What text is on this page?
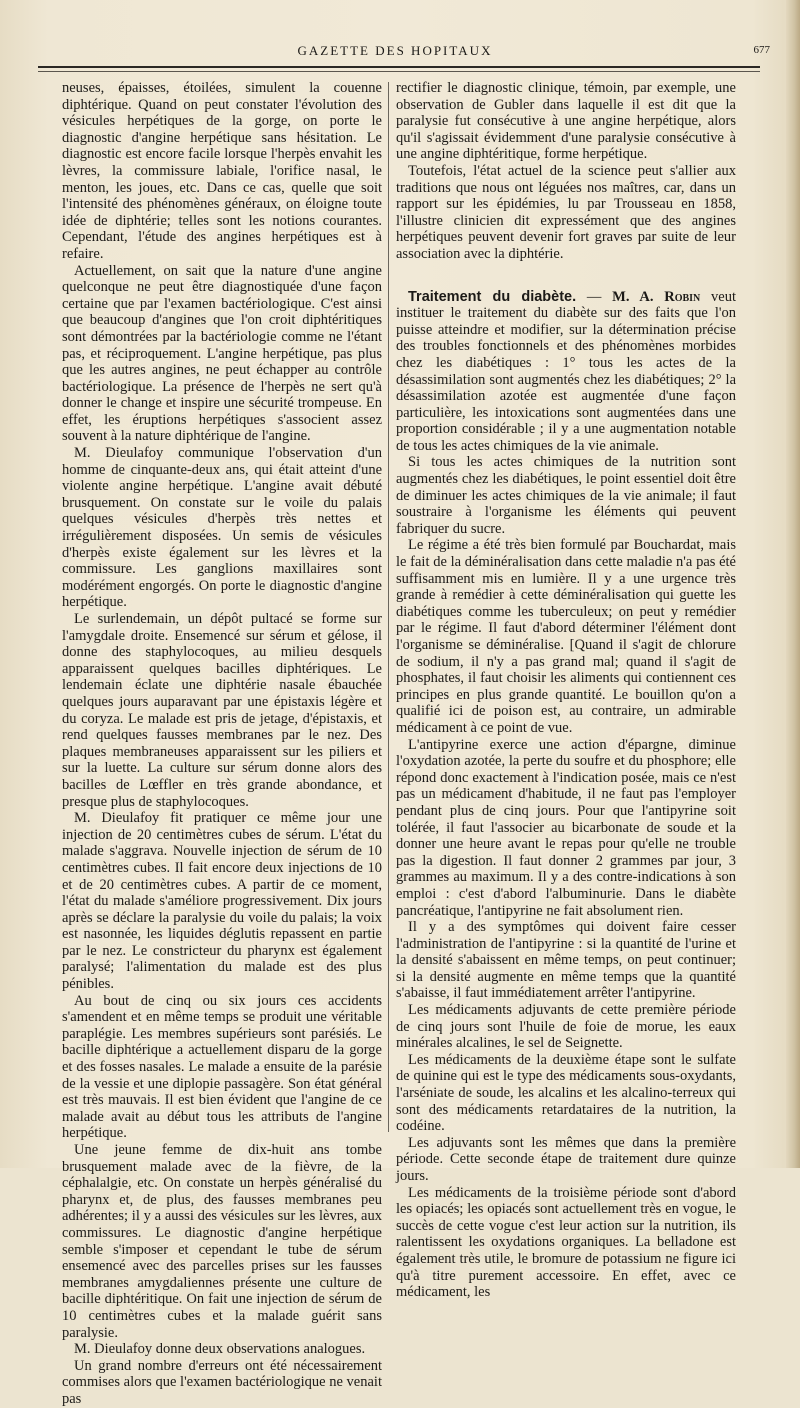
GAZETTE DES HOPITAUX	677

neuses, épaisses, étoilées, simulent la couenne diphtérique. Quand on peut constater l'évolution des vésicules herpétiques de la gorge, on porte le diagnostic d'angine herpétique sans hésitation. Le diagnostic est encore facile lorsque l'herpès envahit les lèvres, la commissure labiale, l'orifice nasal, le menton, les joues, etc. Dans ce cas, quelle que soit l'intensité des phénomènes généraux, on éloigne toute idée de diphtérie; telles sont les notions courantes. Cependant, l'étude des angines herpétiques est à refaire.

Actuellement, on sait que la nature d'une angine quelconque ne peut être diagnostiquée d'une façon certaine que par l'examen bactériologique. C'est ainsi que beaucoup d'angines que l'on croit diphtéritiques sont démontrées par la bactériologie comme ne l'étant pas, et réciproquement. L'angine herpétique, pas plus que les autres angines, ne peut échapper au contrôle bactériologique. La présence de l'herpès ne sert qu'à donner le change et inspire une sécurité trompeuse. En effet, les éruptions herpétiques s'associent assez souvent à la nature diphtérique de l'angine.

M. Dieulafoy communique l'observation d'un homme de cinquante-deux ans, qui était atteint d'une violente angine herpétique. L'angine avait débuté brusquement. On constate sur le voile du palais quelques vésicules d'herpès très nettes et irrégulièrement disposées. Un semis de vésicules d'herpès existe également sur les lèvres et la commissure. Les ganglions maxillaires sont modérément engorgés. On porte le diagnostic d'angine herpétique.

Le surlendemain, un dépôt pultacé se forme sur l'amygdale droite. Ensemencé sur sérum et gélose, il donne des staphylocoques, au milieu desquels apparaissent quelques bacilles diphtériques. Le lendemain éclate une diphtérie nasale ébauchée quelques jours auparavant par une épistaxis légère et du coryza. Le malade est pris de jetage, d'épistaxis, et rend quelques fausses membranes par le nez. Des plaques membraneuses apparaissent sur les piliers et sur la luette. La culture sur sérum donne alors des bacilles de Lœffler en très grande abondance, et presque plus de staphylocoques.

M. Dieulafoy fit pratiquer ce même jour une injection de 20 centimètres cubes de sérum. L'état du malade s'aggrava. Nouvelle injection de sérum de 10 centimètres cubes. Il fait encore deux injections de 10 et de 20 centimètres cubes. A partir de ce moment, l'état du malade s'améliore progressivement. Dix jours après se déclare la paralysie du voile du palais; la voix est nasonnée, les liquides déglutis repassent en partie par le nez. Le constricteur du pharynx est également paralysé; l'alimentation du malade est des plus pénibles.

Au bout de cinq ou six jours ces accidents s'amendent et en même temps se produit une véritable paraplégie. Les membres supérieurs sont parésiés. Le bacille diphtérique a actuellement disparu de la gorge et des fosses nasales. Le malade a ensuite de la parésie de la vessie et une diplopie passagère. Son état général est très mauvais. Il est bien évident que l'angine de ce malade avait au début tous les attributs de l'angine herpétique.

Une jeune femme de dix-huit ans tombe brusquement malade avec de la fièvre, de la céphalalgie, etc. On constate un herpès généralisé du pharynx et, de plus, des fausses membranes peu adhérentes; il y a aussi des vésicules sur les lèvres, aux commissures. Le diagnostic d'angine herpétique semble s'imposer et cependant le tube de sérum ensemencé avec des parcelles prises sur les fausses membranes amygdaliennes présente une culture de bacille diphtéritique. On fait une injection de sérum de 10 centimètres cubes et la malade guérit sans paralysie.

M. Dieulafoy donne deux observations analogues.

Un grand nombre d'erreurs ont été nécessairement commises alors que l'examen bactériologique ne venait pas

rectifier le diagnostic clinique, témoin, par exemple, une observation de Gubler dans laquelle il est dit que la paralysie fut consécutive à une angine herpétique, alors qu'il s'agissait évidemment d'une paralysie consécutive à une angine diphtéritique, forme herpétique.

Toutefois, l'état actuel de la science peut s'allier aux traditions que nous ont léguées nos maîtres, car, dans un rapport sur les épidémies, lu par Trousseau en 1858, l'illustre clinicien dit expressément que des angines herpétiques peuvent devenir fort graves par suite de leur association avec la diphtérie.

Traitement du diabète. — M. A. Robin veut instituer le traitement du diabète sur des faits que l'on puisse atteindre et modifier, sur la détermination précise des troubles fonctionnels et des phénomènes morbides chez les diabétiques : 1° tous les actes de la désassimilation sont augmentés chez les diabétiques; 2° la désassimilation azotée est augmentée d'une façon particulière, les intoxications sont augmentées dans une proportion considérable ; il y a une augmentation notable de tous les actes chimiques de la vie animale.

Si tous les actes chimiques de la nutrition sont augmentés chez les diabétiques, le point essentiel doit être de diminuer les actes chimiques de la vie animale; il faut soustraire à l'organisme les éléments qui peuvent fabriquer du sucre.

Le régime a été très bien formulé par Bouchardat, mais le fait de la déminéralisation dans cette maladie n'a pas été suffisamment mis en lumière. Il y a une urgence très grande à remédier à cette déminéralisation qui guette les diabétiques comme les tuberculeux; on peut y remédier par le régime. Il faut d'abord déterminer l'élément dont l'organisme se déminéralise. [Quand il s'agit de chlorure de sodium, il n'y a pas grand mal; quand il s'agit de phosphates, il faut choisir les aliments qui contiennent ces principes en plus grande quantité. Le bouillon qu'on a qualifié ici de poison est, au contraire, un admirable médicament à ce point de vue.

L'antipyrine exerce une action d'épargne, diminue l'oxydation azotée, la perte du soufre et du phosphore; elle répond donc exactement à l'indication posée, mais ce n'est pas un médicament d'habitude, il ne faut pas l'employer pendant plus de cinq jours. Pour que l'antipyrine soit tolérée, il faut l'associer au bicarbonate de soude et la donner une heure avant le repas pour qu'elle ne trouble pas la digestion. Il faut donner 2 grammes par jour, 3 grammes au maximum. Il y a des contre-indications à son emploi : c'est d'abord l'albuminurie. Dans le diabète pancréatique, l'antipyrine ne fait absolument rien.

Il y a des symptômes qui doivent faire cesser l'administration de l'antipyrine : si la quantité de l'urine et la densité s'abaissent en même temps, on peut continuer; si la densité augmente en même temps que la quantité s'abaisse, il faut immédiatement arrêter l'antipyrine.

Les médicaments adjuvants de cette première période de cinq jours sont l'huile de foie de morue, les eaux minérales alcalines, le sel de Seignette.

Les médicaments de la deuxième étape sont le sulfate de quinine qui est le type des médicaments sous-oxydants, l'arséniate de soude, les alcalins et les alcalino-terreux qui sont des médicaments retardataires de la nutrition, la codéine.

Les adjuvants sont les mêmes que dans la première période. Cette seconde étape de traitement dure quinze jours.

Les médicaments de la troisième période sont d'abord les opiacés; les opiacés sont actuellement très en vogue, le succès de cette vogue c'est leur action sur la nutrition, ils ralentissent les oxydations organiques. La belladone est également très utile, le bromure de potassium ne figure ici qu'à titre purement accessoire. En effet, avec ce médicament, les
